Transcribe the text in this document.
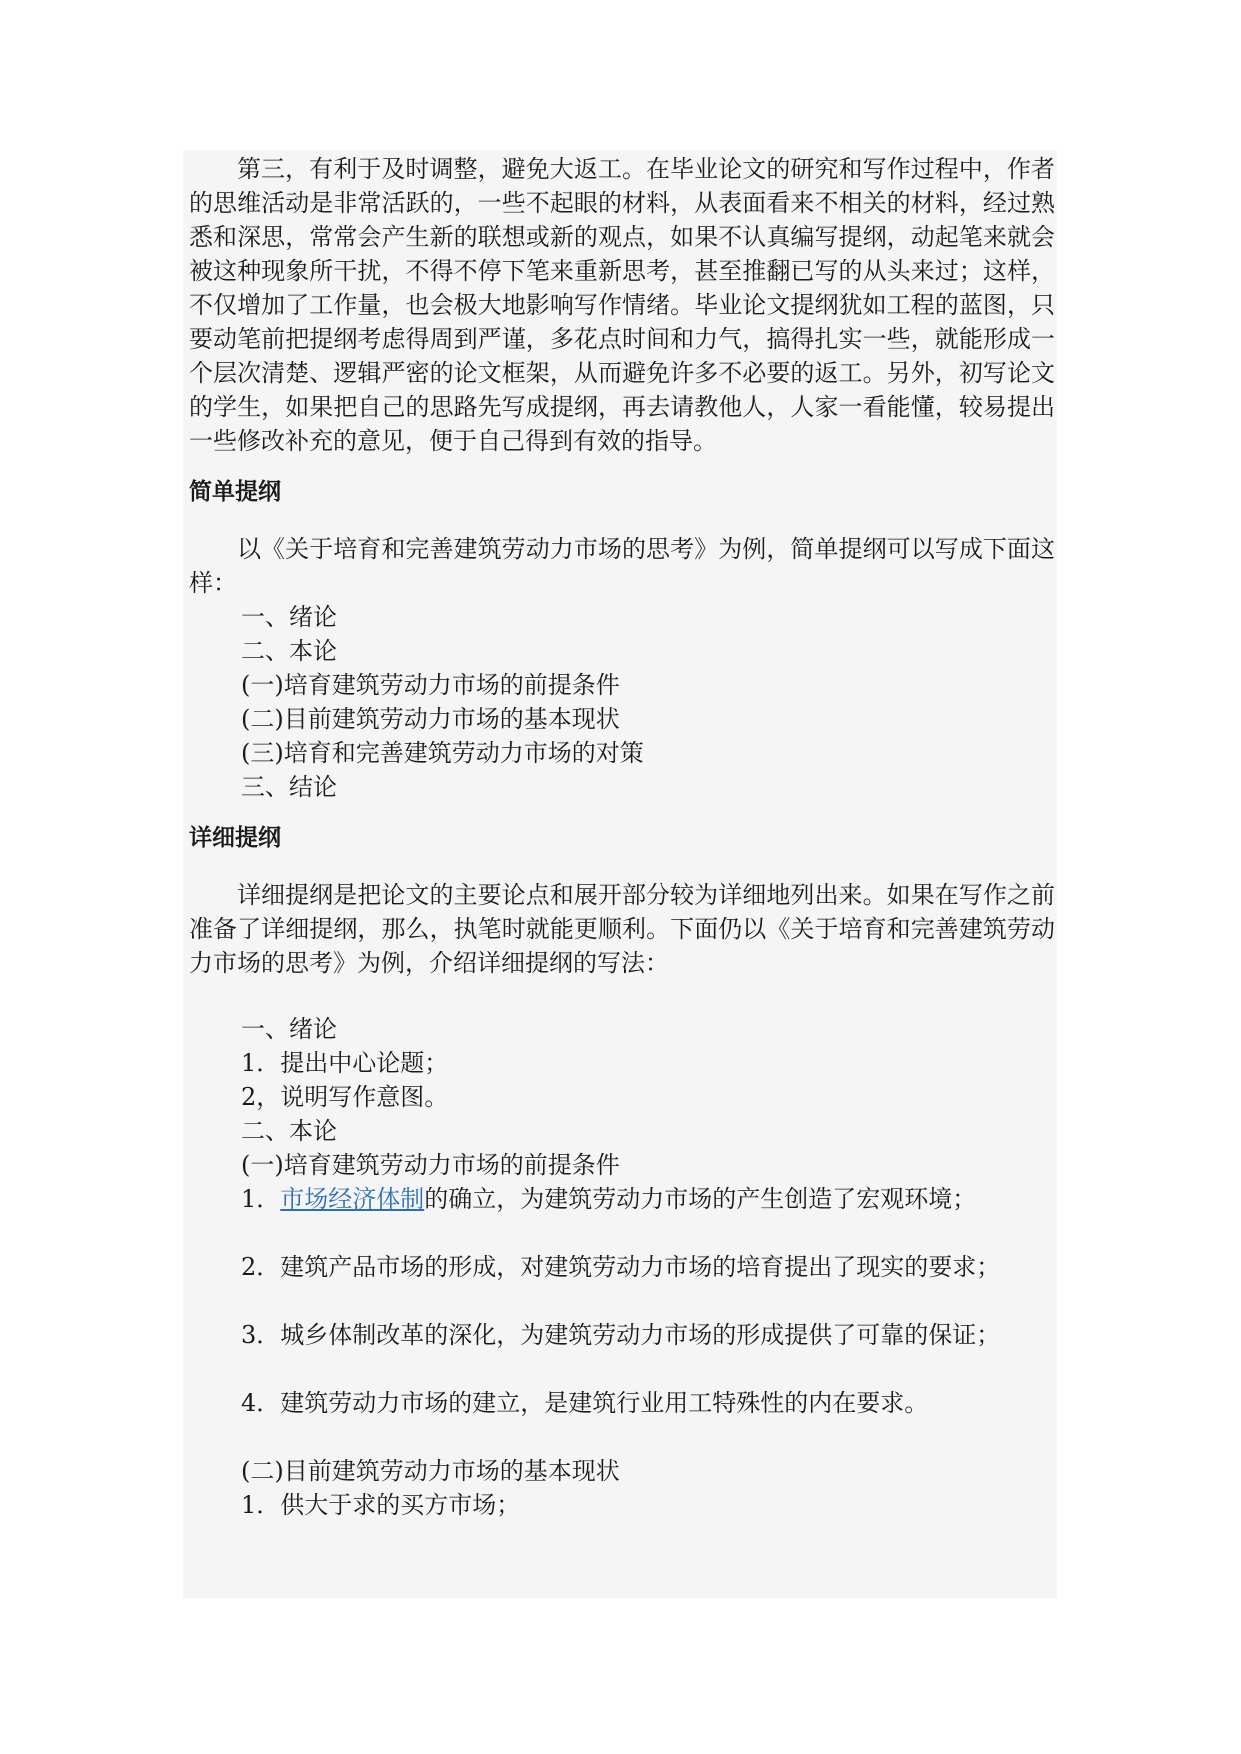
第三，有利于及时调整，避免大返工。在毕业论文的研究和写作过程中，作者的思维活动是非常活跃的，一些不起眼的材料，从表面看来不相关的材料，经过熟悉和深思，常常会产生新的联想或新的观点，如果不认真编写提纲，动起笔来就会被这种现象所干扰，不得不停下笔来重新思考，甚至推翻已写的从头来过；这样，不仅增加了工作量，也会极大地影响写作情绪。毕业论文提纲犹如工程的蓝图，只要动笔前把提纲考虑得周到严谨，多花点时间和力气，搞得扎实一些，就能形成一个层次清楚、逻辑严密的论文框架，从而避免许多不必要的返工。另外，初写论文的学生，如果把自己的思路先写成提纲，再去请教他人，人家一看能懂，较易提出一些修改补充的意见，便于自己得到有效的指导。

简单提纲

以《关于培育和完善建筑劳动力市场的思考》为例，简单提纲可以写成下面这样：

一、绪论

二、本论

(一)培育建筑劳动力市场的前提条件

(二)目前建筑劳动力市场的基本现状

(三)培育和完善建筑劳动力市场的对策

三、结论

详细提纲

详细提纲是把论文的主要论点和展开部分较为详细地列出来。如果在写作之前准备了详细提纲，那么，执笔时就能更顺利。下面仍以《关于培育和完善建筑劳动力市场的思考》为例，介绍详细提纲的写法：

一、绪论

1．提出中心论题；

2，说明写作意图。

二、本论

(一)培育建筑劳动力市场的前提条件

1．市场经济体制的确立，为建筑劳动力市场的产生创造了宏观环境；

2．建筑产品市场的形成，对建筑劳动力市场的培育提出了现实的要求；

3．城乡体制改革的深化，为建筑劳动力市场的形成提供了可靠的保证；

4．建筑劳动力市场的建立，是建筑行业用工特殊性的内在要求。

(二)目前建筑劳动力市场的基本现状

1．供大于求的买方市场；
